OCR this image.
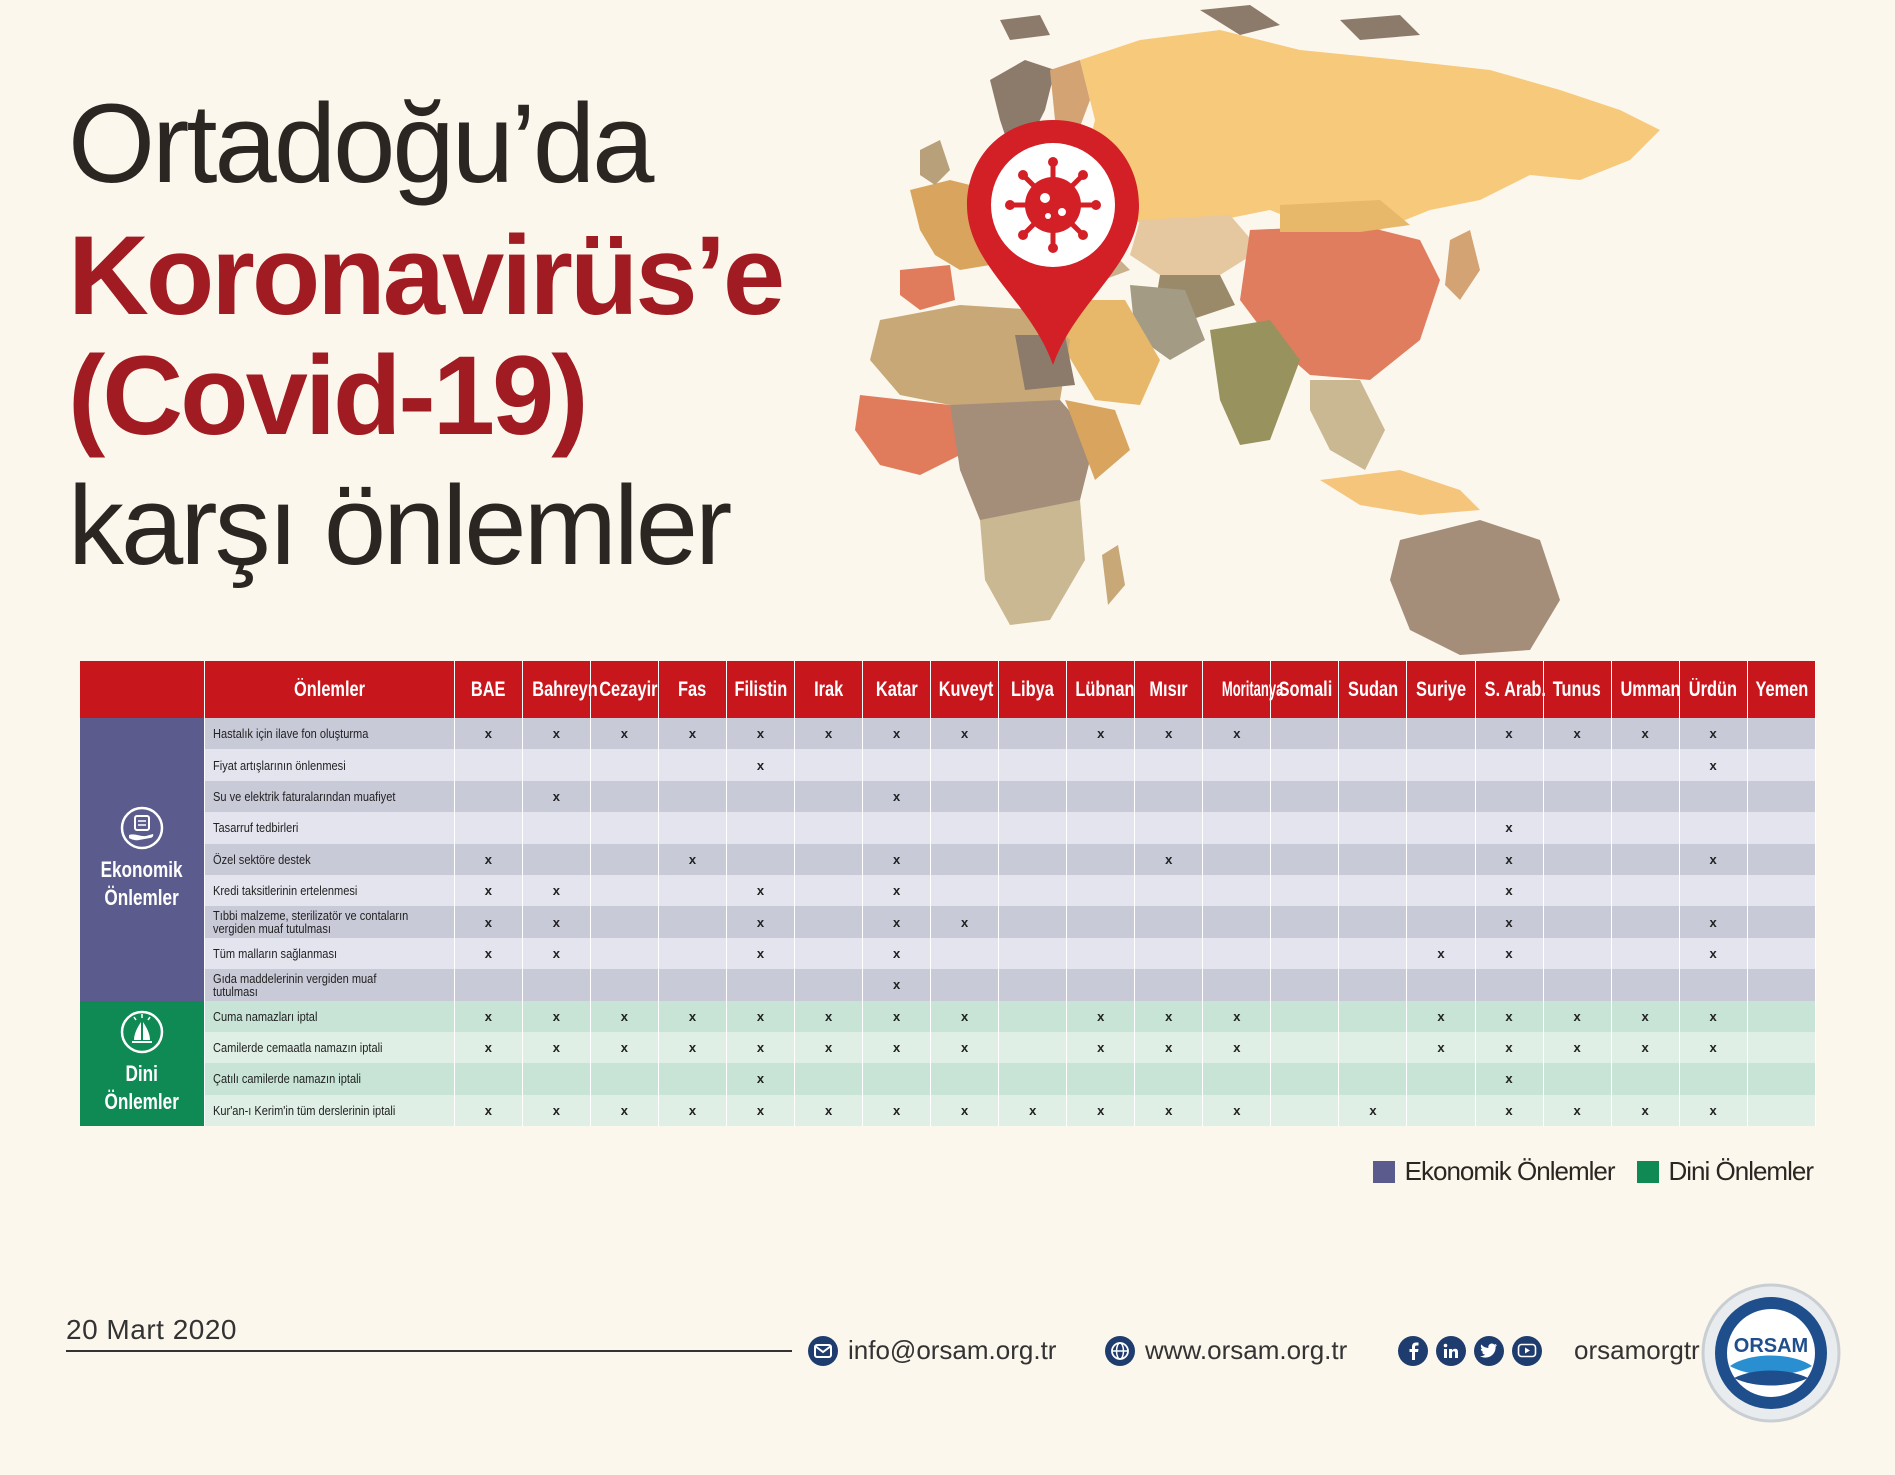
Ortadoğu’da
Koronavirüs’e
(Covid-19)
karşı önlemler
	Önlemler	BAE	Bahreyn	Cezayir	Fas	Filistin	Irak	Katar	Kuveyt	Libya	Lübnan	Mısır	Moritanya	Somali	Sudan	Suriye	S. Arab.	Tunus	Umman	Ürdün	Yemen

Ekonomik
Önlemler	Hastalık için ilave fon oluşturma	x	x	x	x	x	x	x	x		x	x	x				x	x	x	x	
	Fiyat artışlarının önlenmesi					x														x	
	Su ve elektrik faturalarından muafiyet		x					x													
	Tasarruf tedbirleri																x				
	Özel sektöre destek	x			x			x				x					x			x	
	Kredi taksitlerinin ertelenmesi	x	x			x		x									x				
	Tıbbi malzeme, sterilizatör ve contaların vergiden muaf tutulması	x	x			x		x	x								x			x	
	Tüm malların sağlanması	x	x			x		x								x	x			x	
	Gıda maddelerinin vergiden muaf tutulması							x													

Dini
Önlemler	Cuma namazları iptal	x	x	x	x	x	x	x	x		x	x	x			x	x	x	x	x	
	Camilerde cemaatla namazın iptali	x	x	x	x	x	x	x	x		x	x	x			x	x	x	x	x	
	Çatılı camilerde namazın iptali					x											x				
	Kur'an-ı Kerim'in tüm derslerinin iptali	x	x	x	x	x	x	x	x	x	x	x	x		x		x	x	x	x	
Ekonomik Önlemler Dini Önlemler
20 Mart 2020
info@orsam.org.tr	www.orsam.org.tr	orsamorgtr ORSAM
